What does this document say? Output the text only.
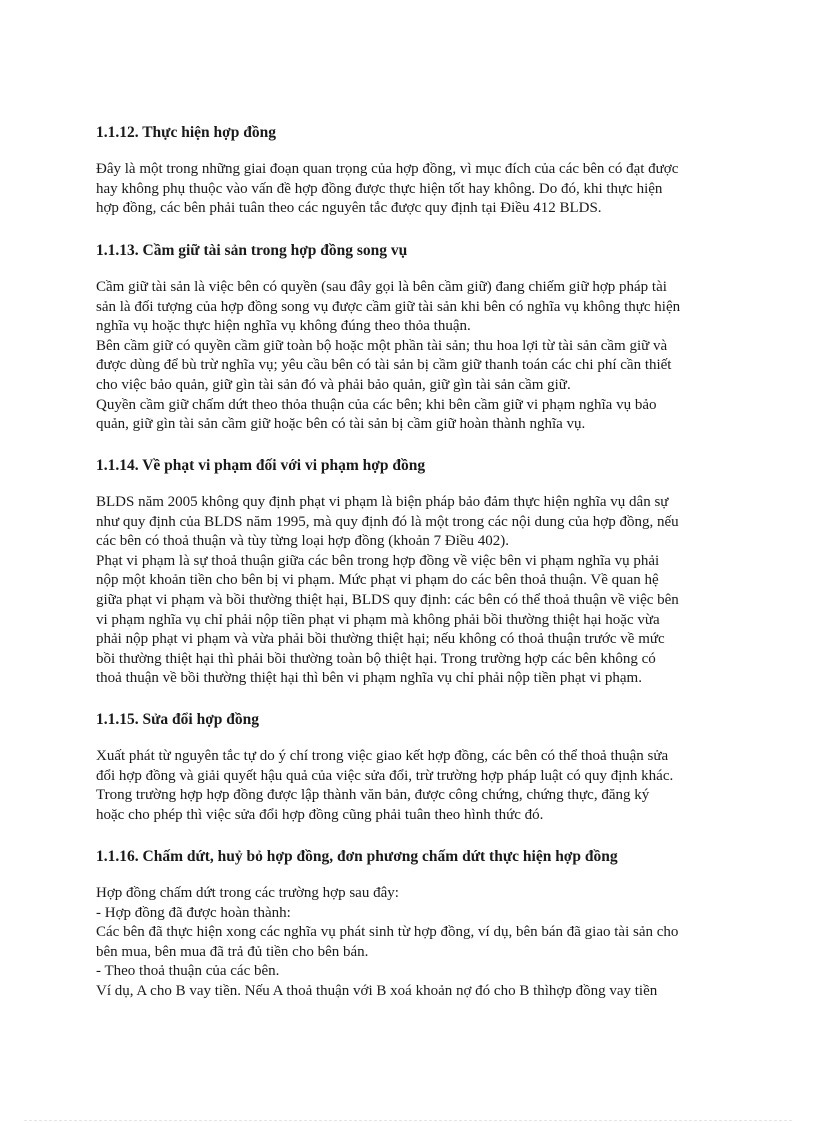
1.1.12. Thực hiện hợp đồng

Đây là một trong những giai đoạn quan trọng của hợp đồng, vì mục đích của các bên có đạt được
hay không phụ thuộc vào vấn đề hợp đồng được thực hiện tốt hay không. Do đó, khi thực hiện
hợp đồng, các bên phải tuân theo các nguyên tắc được quy định tại Điều 412 BLDS.

1.1.13. Cầm giữ tài sản trong hợp đồng song vụ

Cầm giữ tài sản là việc bên có quyền (sau đây gọi là bên cầm giữ) đang chiếm giữ hợp pháp tài
sản là đối tượng của hợp đồng song vụ được cầm giữ tài sản khi bên có nghĩa vụ không thực hiện
nghĩa vụ hoặc thực hiện nghĩa vụ không đúng theo thỏa thuận.
Bên cầm giữ có quyền cầm giữ toàn bộ hoặc một phần tài sản; thu hoa lợi từ tài sản cầm giữ và
được dùng để bù trừ nghĩa vụ; yêu cầu bên có tài sản bị cầm giữ thanh toán các chi phí cần thiết
cho việc bảo quản, giữ gìn tài sản đó và phải bảo quản, giữ gìn tài sản cầm giữ.
Quyền cầm giữ chấm dứt theo thỏa thuận của các bên; khi bên cầm giữ vi phạm nghĩa vụ bảo
quản, giữ gìn tài sản cầm giữ hoặc bên có tài sản bị cầm giữ hoàn thành nghĩa vụ.

1.1.14. Về phạt vi phạm đối với vi phạm hợp đồng

BLDS năm 2005 không quy định phạt vi phạm là biện pháp bảo đảm thực hiện nghĩa vụ dân sự
như quy định của BLDS năm 1995, mà quy định đó là một trong các nội dung của hợp đồng, nếu
các bên có thoả thuận và tùy từng loại hợp đồng (khoản 7 Điều 402).
Phạt vi phạm là sự thoả thuận giữa các bên trong hợp đồng về việc bên vi phạm nghĩa vụ phải
nộp một khoản tiền cho bên bị vi phạm. Mức phạt vi phạm do các bên thoả thuận. Về quan hệ
giữa phạt vi phạm và bồi thường thiệt hại, BLDS quy định: các bên có thể thoả thuận về việc bên
vi phạm nghĩa vụ chỉ phải nộp tiền phạt vi phạm mà không phải bồi thường thiệt hại hoặc vừa
phải nộp phạt vi phạm và vừa phải bồi thường thiệt hại; nếu không có thoả thuận trước về mức
bồi thường thiệt hại thì phải bồi thường toàn bộ thiệt hại. Trong trường hợp các bên không có
thoả thuận về bồi thường thiệt hại thì bên vi phạm nghĩa vụ chỉ phải nộp tiền phạt vi phạm.

1.1.15. Sửa đổi hợp đồng

Xuất phát từ nguyên tắc tự do ý chí trong việc giao kết hợp đồng, các bên có thể thoả thuận sửa
đổi hợp đồng và giải quyết hậu quả của việc sửa đổi, trừ trường hợp pháp luật có quy định khác.
Trong trường hợp hợp đồng được lập thành văn bản, được công chứng, chứng thực, đăng ký
hoặc cho phép thì việc sửa đổi hợp đồng cũng phải tuân theo hình thức đó.

1.1.16. Chấm dứt, huỷ bỏ hợp đồng, đơn phương chấm dứt thực hiện hợp đồng

Hợp đồng chấm dứt trong các trường hợp sau đây:
- Hợp đồng đã được hoàn thành:
Các bên đã thực hiện xong các nghĩa vụ phát sinh từ hợp đồng, ví dụ, bên bán đã giao tài sản cho
bên mua, bên mua đã trả đủ tiền cho bên bán.
- Theo thoả thuận của các bên.
Ví dụ, A cho B vay tiền. Nếu A thoả thuận với B xoá khoản nợ đó cho B thìhợp đồng vay tiền
